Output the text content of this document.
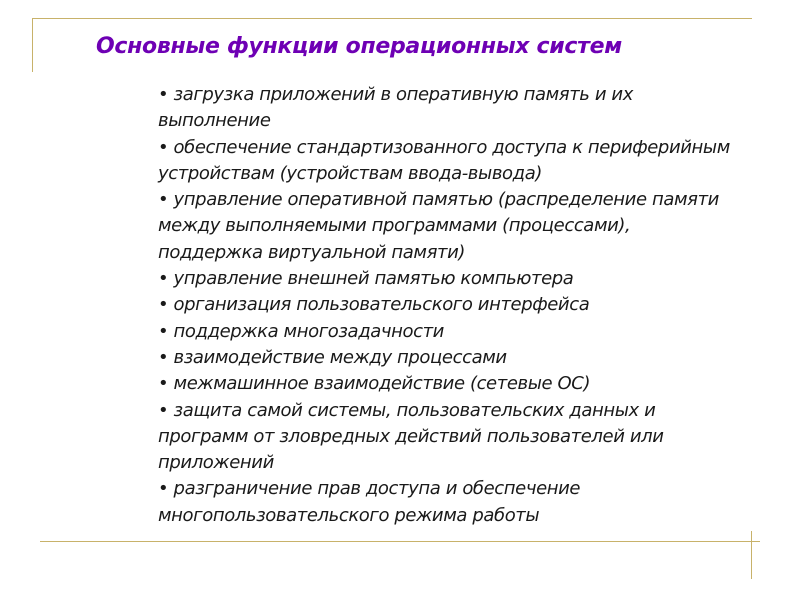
Основные функции операционных систем
• загрузка приложений в оперативную память и их выполнение
• обеспечение стандартизованного доступа к периферийным устройствам (устройствам ввода-вывода)
• управление оперативной памятью (распределение памяти между выполняемыми программами (процессами), поддержка виртуальной памяти)
• управление внешней памятью компьютера
• организация пользовательского интерфейса
• поддержка многозадачности
• взаимодействие между процессами
• межмашинное взаимодействие (сетевые ОС)
• защита самой системы, пользовательских данных и программ от зловредных действий пользователей или приложений
• разграничение прав доступа и обеспечение многопользовательского режима работы
